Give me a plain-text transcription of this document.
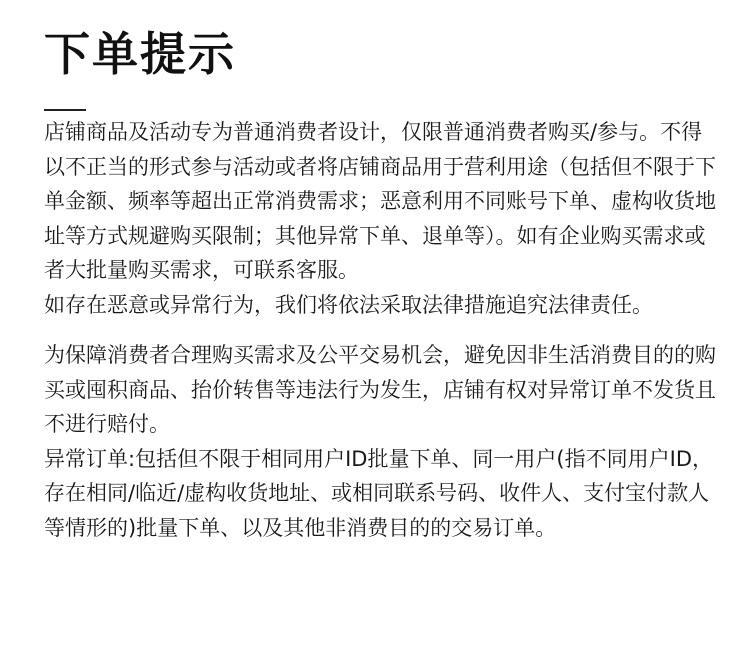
下单提示

店铺商品及活动专为普通消费者设计，仅限普通消费者购买/参与。不得以不正当的形式参与活动或者将店铺商品用于营利用途（包括但不限于下单金额、频率等超出正常消费需求；恶意利用不同账号下单、虚构收货地址等方式规避购买限制；其他异常下单、退单等）。如有企业购买需求或者大批量购买需求，可联系客服。

如存在恶意或异常行为，我们将依法采取法律措施追究法律责任。

为保障消费者合理购买需求及公平交易机会，避免因非生活消费目的的购买或囤积商品、抬价转售等违法行为发生，店铺有权对异常订单不发货且不进行赔付。

异常订单:包括但不限于相同用户ID批量下单、同一用户(指不同用户ID，存在相同/临近/虚构收货地址、或相同联系号码、收件人、支付宝付款人等情形的)批量下单、以及其他非消费目的的交易订单。
